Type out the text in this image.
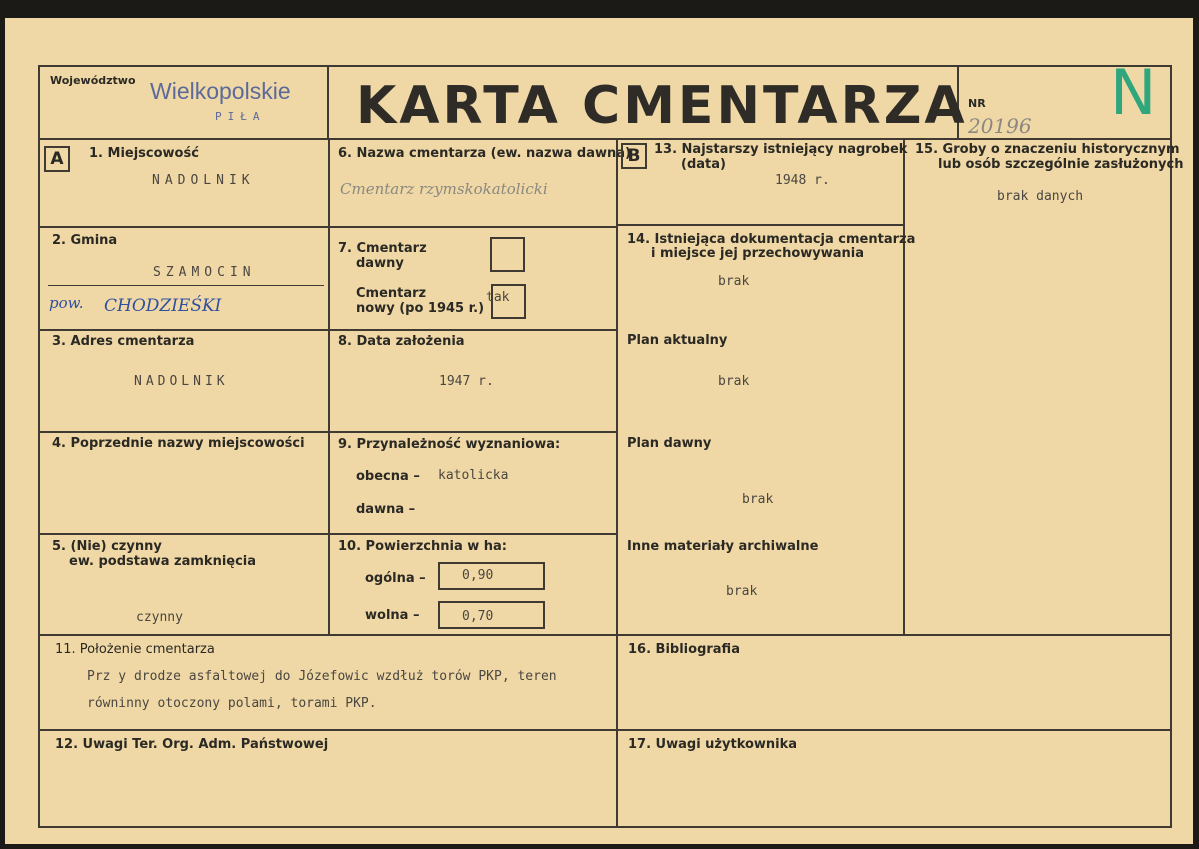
Województwo Wielkopolskie
PIŁA KARTA CMENTARZA NR
20196 N
A	1. Miejscowość
NADOLNIK
2. Gmina
SZAMOCIN
pow. CHODZIEŚKI
3. Adres cmentarza
NADOLNIK
4. Poprzednie nazwy miejscowości
5. (Nie) czynny
ew. podstawa zamknięcia
czynny
6. Nazwa cmentarza (ew. nazwa dawna)
Cmentarz rzymskokatolicki
7. Cmentarz
dawny
Cmentarz
nowy (po 1945 r.)
tak
8. Data założenia
1947 r.
9. Przynależność wyznaniowa:
obecna – katolicka
dawna –
10. Powierzchnia w ha:
ogólna –	0,90
wolna –	0,70
B	13. Najstarszy istniejący nagrobek
(data)
1948 r.
14. Istniejąca dokumentacja cmentarza
i miejsce jej przechowywania
brak
Plan aktualny
brak
Plan dawny
brak
Inne materiały archiwalne
brak
15. Groby o znaczeniu historycznym
lub osób szczególnie zasłużonych
brak danych
11. Położenie cmentarza
Prz y drodze asfaltowej do Józefowic wzdłuż torów PKP, teren
równinny otoczony polami, torami PKP.
16. Bibliografia
12. Uwagi Ter. Org. Adm. Państwowej	17. Uwagi użytkownika
